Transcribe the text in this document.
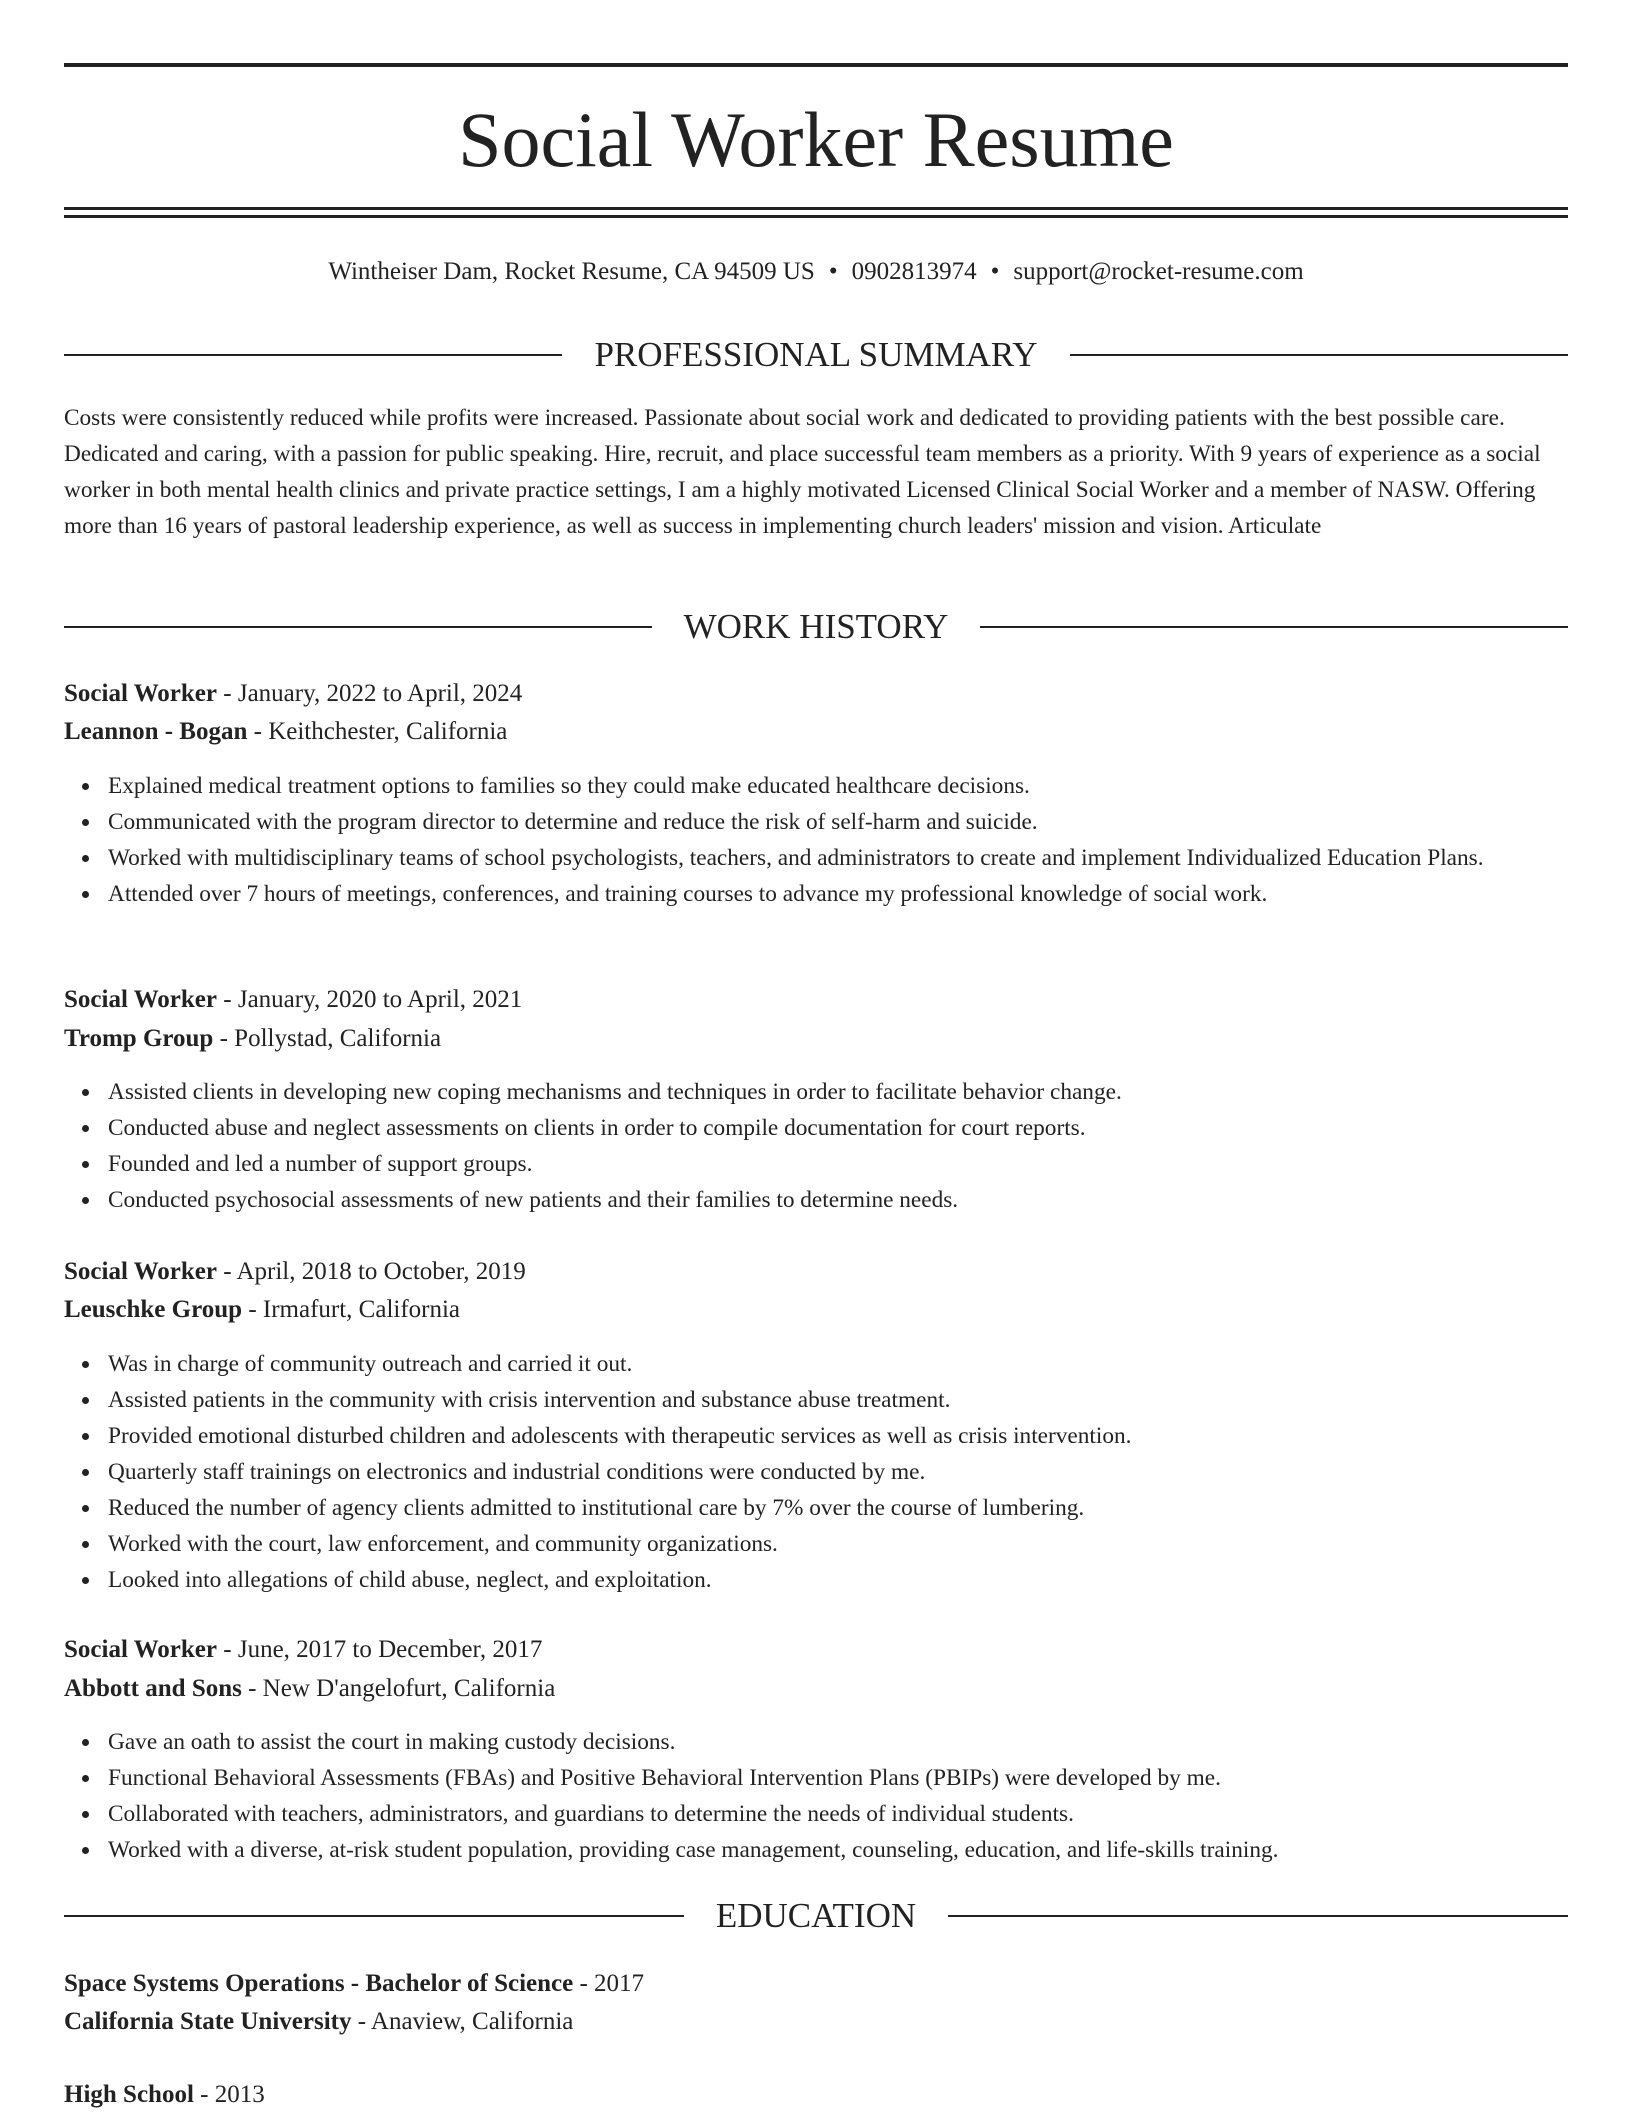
Social Worker Resume
Wintheiser Dam, Rocket Resume, CA 94509 US • 0902813974 • support@rocket-resume.com
PROFESSIONAL SUMMARY

Costs were consistently reduced while profits were increased. Passionate about social work and dedicated to providing patients with the best possible care. Dedicated and caring, with a passion for public speaking. Hire, recruit, and place successful team members as a priority. With 9 years of experience as a social worker in both mental health clinics and private practice settings, I am a highly motivated Licensed Clinical Social Worker and a member of NASW. Offering more than 16 years of pastoral leadership experience, as well as success in implementing church leaders' mission and vision. Articulate

WORK HISTORY
Social Worker - January, 2022 to April, 2024
Leannon - Bogan - Keithchester, California
Explained medical treatment options to families so they could make educated healthcare decisions.
Communicated with the program director to determine and reduce the risk of self-harm and suicide.
Worked with multidisciplinary teams of school psychologists, teachers, and administrators to create and implement Individualized Education Plans.
Attended over 7 hours of meetings, conferences, and training courses to advance my professional knowledge of social work.
Social Worker - January, 2020 to April, 2021
Tromp Group - Pollystad, California
Assisted clients in developing new coping mechanisms and techniques in order to facilitate behavior change.
Conducted abuse and neglect assessments on clients in order to compile documentation for court reports.
Founded and led a number of support groups.
Conducted psychosocial assessments of new patients and their families to determine needs.
Social Worker - April, 2018 to October, 2019
Leuschke Group - Irmafurt, California
Was in charge of community outreach and carried it out.
Assisted patients in the community with crisis intervention and substance abuse treatment.
Provided emotional disturbed children and adolescents with therapeutic services as well as crisis intervention.
Quarterly staff trainings on electronics and industrial conditions were conducted by me.
Reduced the number of agency clients admitted to institutional care by 7% over the course of lumbering.
Worked with the court, law enforcement, and community organizations.
Looked into allegations of child abuse, neglect, and exploitation.
Social Worker - June, 2017 to December, 2017
Abbott and Sons - New D'angelofurt, California
Gave an oath to assist the court in making custody decisions.
Functional Behavioral Assessments (FBAs) and Positive Behavioral Intervention Plans (PBIPs) were developed by me.
Collaborated with teachers, administrators, and guardians to determine the needs of individual students.
Worked with a diverse, at-risk student population, providing case management, counseling, education, and life-skills training.
EDUCATION
Space Systems Operations - Bachelor of Science - 2017
California State University - Anaview, California
High School - 2013
